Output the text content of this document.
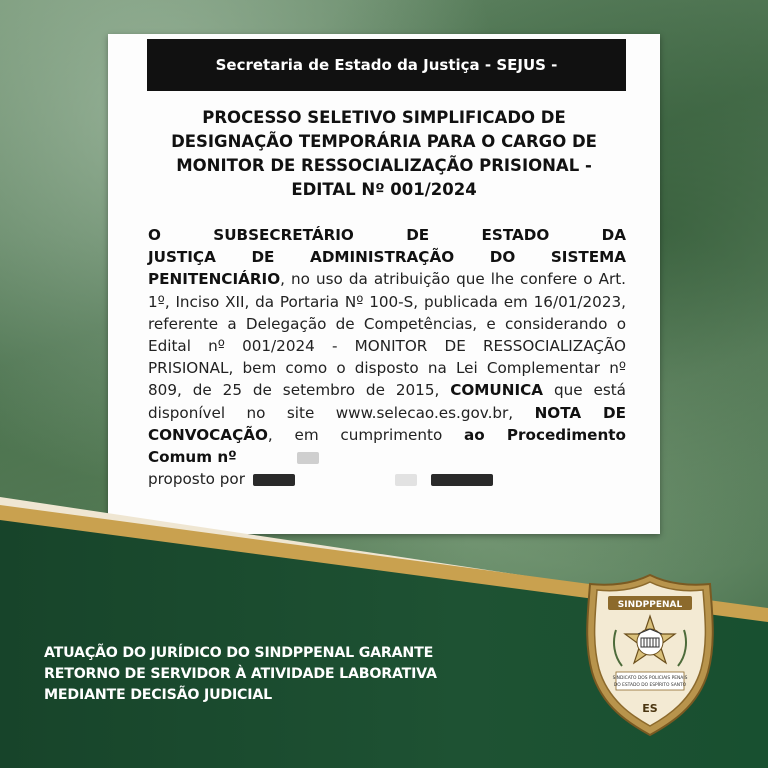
Secretaria de Estado da Justiça - SEJUS -
PROCESSO SELETIVO SIMPLIFICADO DE
DESIGNAÇÃO TEMPORÁRIA PARA O CARGO DE
MONITOR DE RESSOCIALIZAÇÃO PRISIONAL -
EDITAL Nº 001/2024
O	SUBSECRETÁRIO	DE	ESTADO	DA
JUSTIÇA DE ADMINISTRAÇÃO DO SISTEMA PENITENCIÁRIO, no uso da atribuição que lhe confere o Art. 1º, Inciso XII, da Portaria Nº 100-S, publicada em 16/01/2023, referente a Delegação de Competências, e considerando o Edital nº 001/2024 - MONITOR DE RESSOCIALIZAÇÃO PRISIONAL, bem como o disposto na Lei Complementar nº 809, de 25 de setembro de 2015, COMUNICA que está disponível no site www.selecao.es.gov.br, NOTA DE CONVOCAÇÃO, em cumprimento ao Procedimento Comum nº
proposto por
ATUAÇÃO DO JURÍDICO DO SINDPPENAL GARANTE
RETORNO DE SERVIDOR À ATIVIDADE LABORATIVA
MEDIANTE DECISÃO JUDICIAL
SINDPPENAL
SINDICATO DOS POLICIAIS PENAIS
DO ESTADO DO ESPÍRITO SANTO
ES
